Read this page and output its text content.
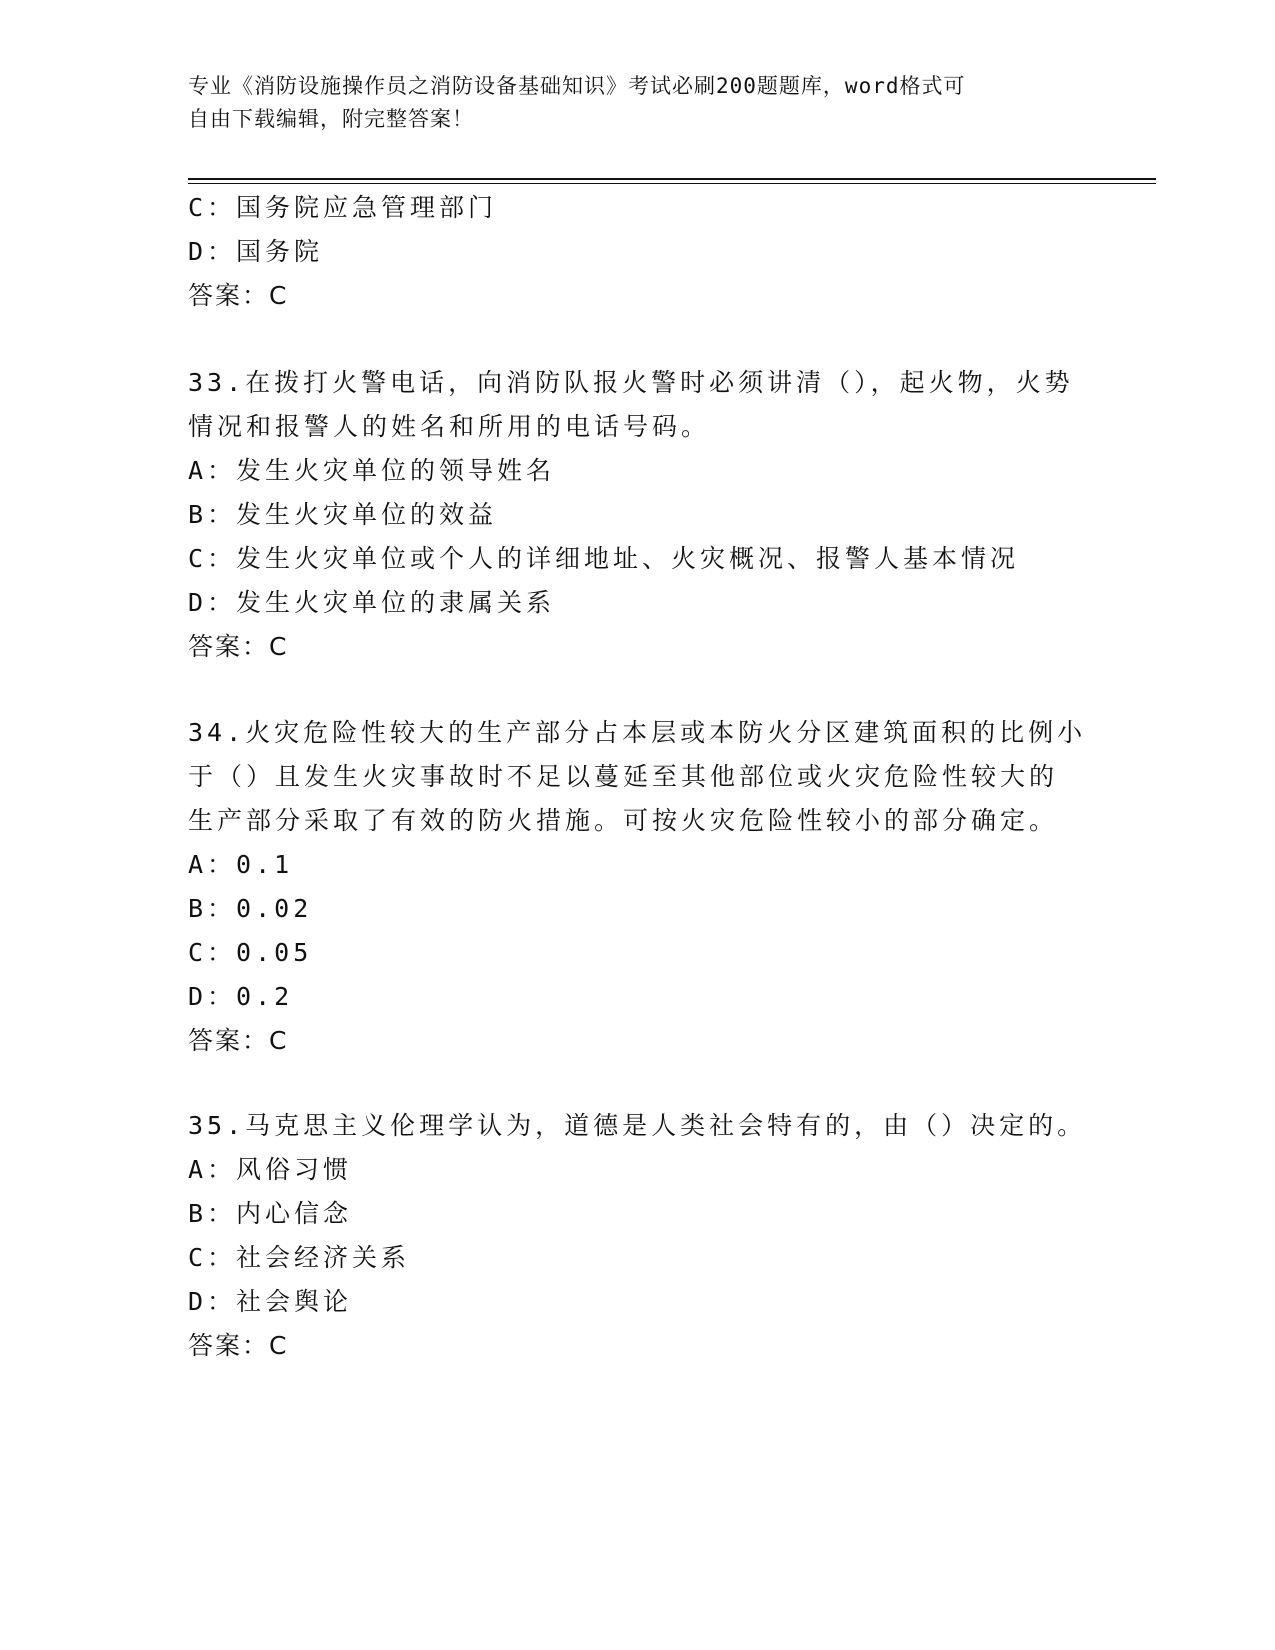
专业《消防设施操作员之消防设备基础知识》考试必刷200题题库，word格式可
自由下载编辑，附完整答案！
C：国务院应急管理部门
D：国务院
答案：C
33.在拨打火警电话，向消防队报火警时必须讲清（），起火物，火势
情况和报警人的姓名和所用的电话号码。
A：发生火灾单位的领导姓名
B：发生火灾单位的效益
C：发生火灾单位或个人的详细地址、火灾概况、报警人基本情况
D：发生火灾单位的隶属关系
答案：C
34.火灾危险性较大的生产部分占本层或本防火分区建筑面积的比例小
于（）且发生火灾事故时不足以蔓延至其他部位或火灾危险性较大的
生产部分采取了有效的防火措施。可按火灾危险性较小的部分确定。
A：0.1
B：0.02
C：0.05
D：0.2
答案：C
35.马克思主义伦理学认为，道德是人类社会特有的，由（）决定的。
A：风俗习惯
B：内心信念
C：社会经济关系
D：社会舆论
答案：C
